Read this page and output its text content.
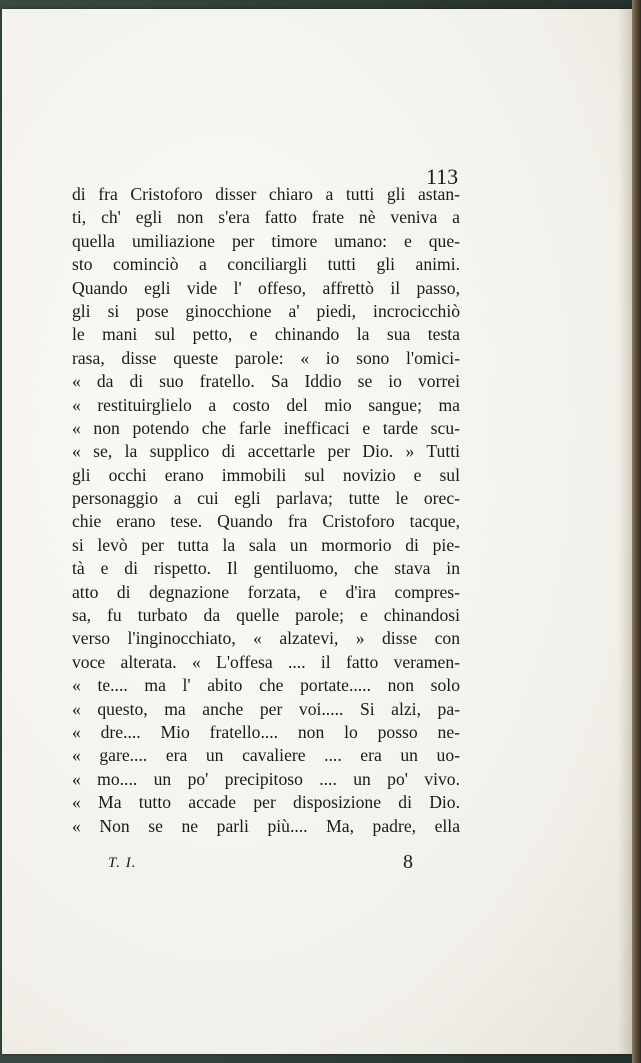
113
di fra Cristoforo disser chiaro a tutti gli astan-
ti, ch' egli non s'era fatto frate nè veniva a
quella umiliazione per timore umano: e que-
sto cominciò a conciliargli tutti gli animi.
Quando egli vide l' offeso, affrettò il passo,
gli si pose ginocchione a' piedi, incrocicchiò
le mani sul petto, e chinando la sua testa
rasa, disse queste parole: « io sono l'omici-
« da di suo fratello. Sa Iddio se io vorrei
« restituirglielo a costo del mio sangue; ma
« non potendo che farle inefficaci e tarde scu-
« se, la supplico di accettarle per Dio. » Tutti
gli occhi erano immobili sul novizio e sul
personaggio a cui egli parlava; tutte le orec-
chie erano tese. Quando fra Cristoforo tacque,
si levò per tutta la sala un mormorio di pie-
tà e di rispetto. Il gentiluomo, che stava in
atto di degnazione forzata, e d'ira compres-
sa, fu turbato da quelle parole; e chinandosi
verso l'inginocchiato, « alzatevi, » disse con
voce alterata. « L'offesa .... il fatto veramen-
« te.... ma l' abito che portate..... non solo
« questo, ma anche per voi..... Si alzi, pa-
« dre.... Mio fratello.... non lo posso ne-
« gare.... era un cavaliere .... era un uo-
« mo.... un po' precipitoso .... un po' vivo.
« Ma tutto accade per disposizione di Dio.
« Non se ne parli più.... Ma, padre, ella
T. I.	8
